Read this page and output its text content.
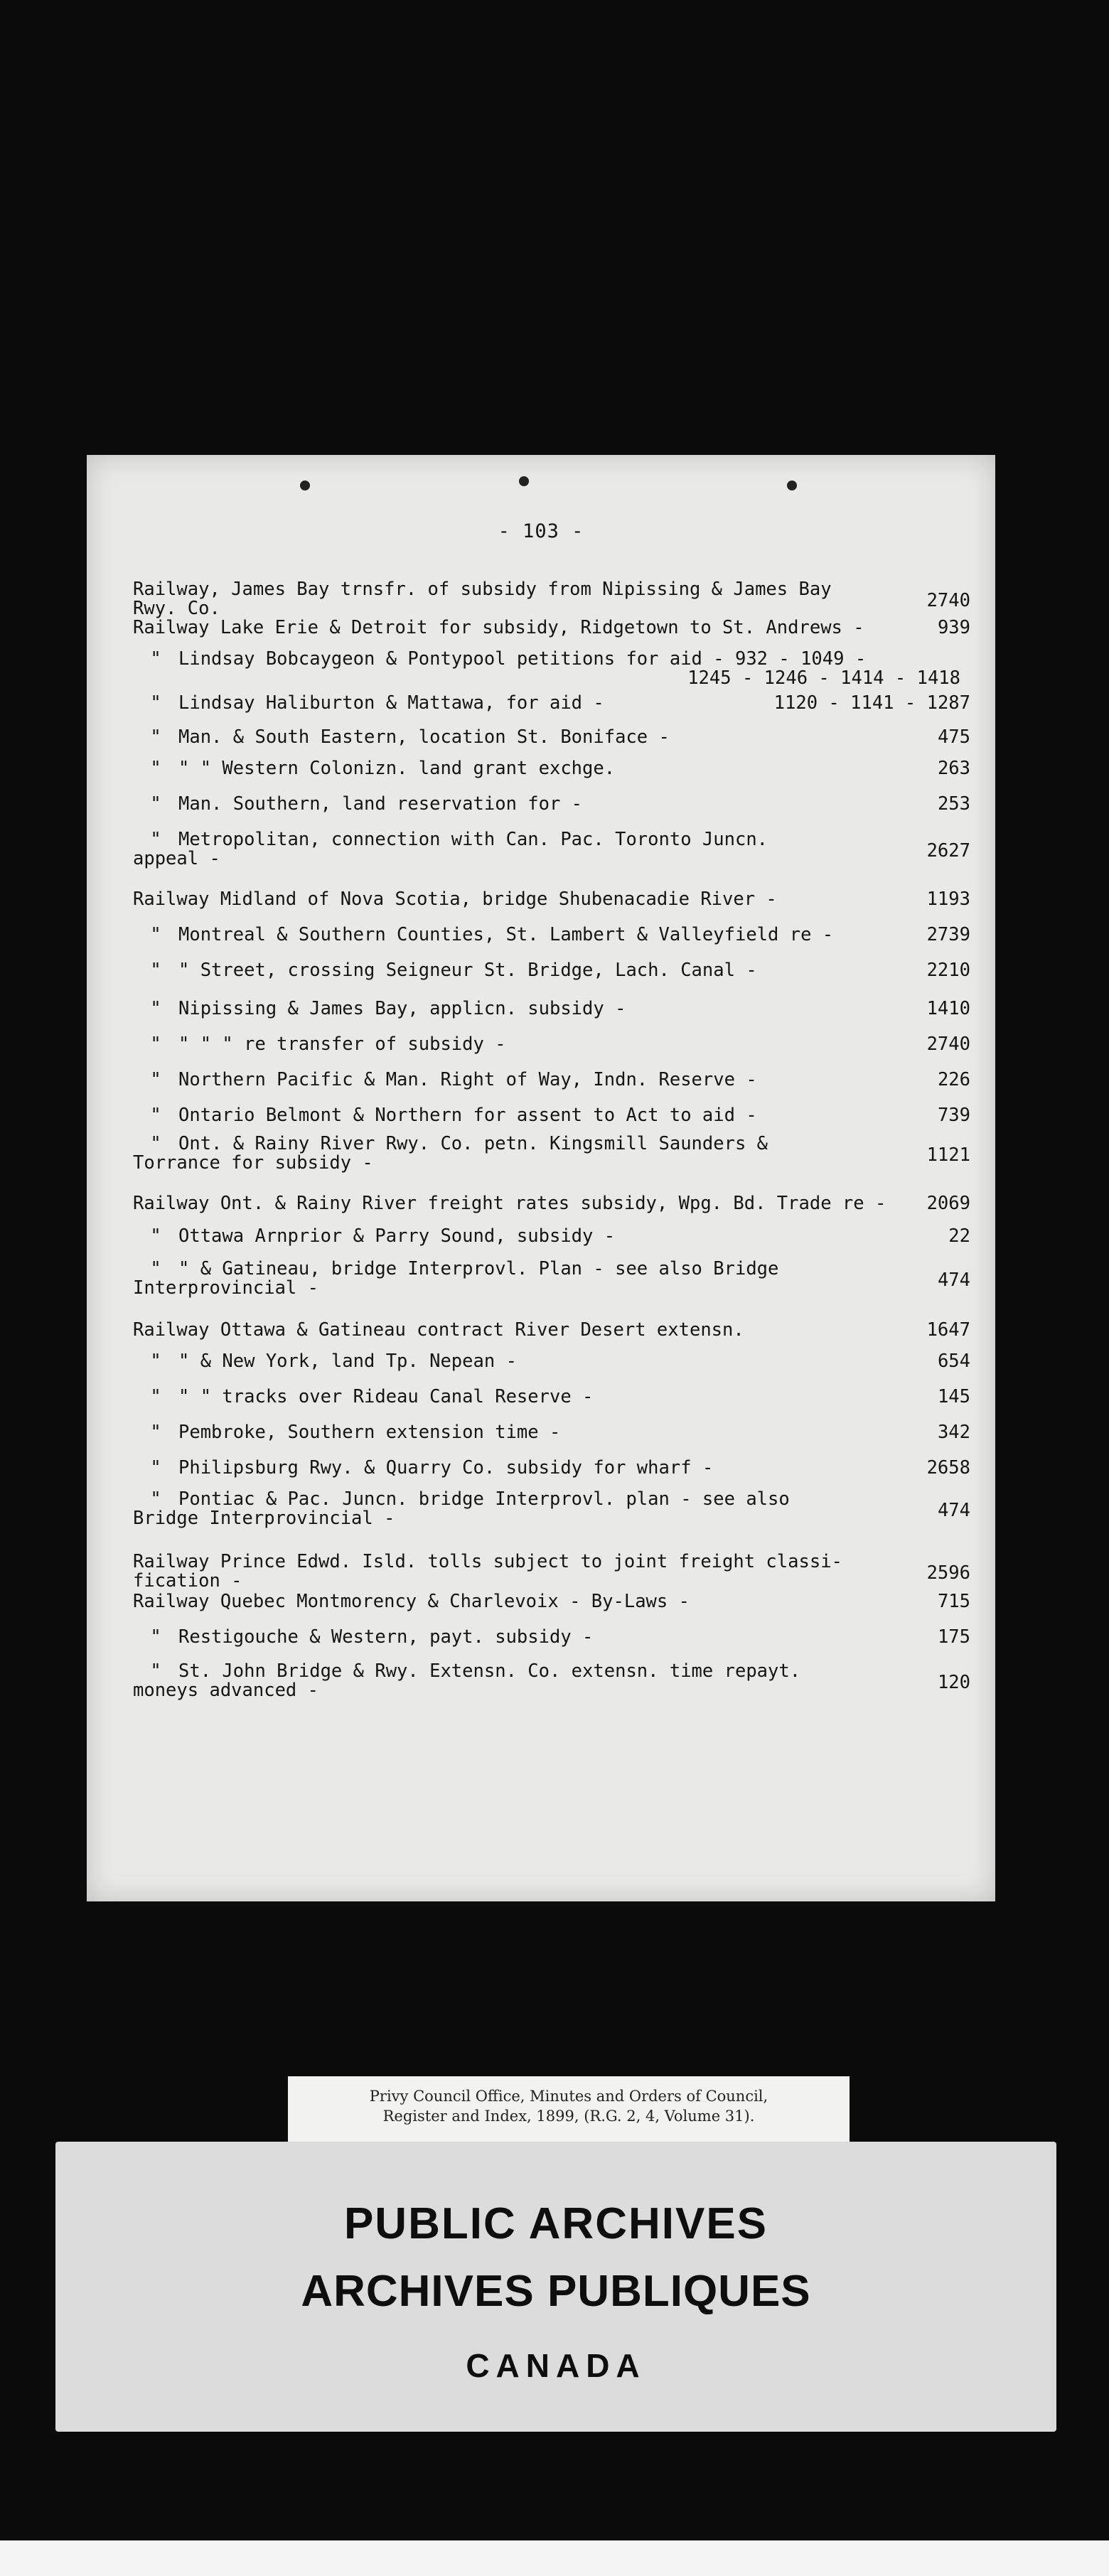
- 103 -
Railway, James Bay trnsfr. of subsidy from Nipissing & James Bay
Rwy. Co.	2740
Railway Lake Erie & Detroit for subsidy, Ridgetown to St. Andrews -	939
" Lindsay Bobcaygeon & Pontypool petitions for aid - 932 - 1049 -
1245 - 1246 - 1414 - 1418
" Lindsay Haliburton & Mattawa, for aid -	1120 - 1141 - 1287
" Man. & South Eastern, location St. Boniface -	475
" " " Western Colonizn. land grant exchge.	263
" Man. Southern, land reservation for -	253
" Metropolitan, connection with Can. Pac. Toronto Juncn.
appeal -	2627
Railway Midland of Nova Scotia, bridge Shubenacadie River -	1193
" Montreal & Southern Counties, St. Lambert & Valleyfield re -	2739
" " Street, crossing Seigneur St. Bridge, Lach. Canal -	2210
" Nipissing & James Bay, applicn. subsidy -	1410
" " " " re transfer of subsidy -	2740
" Northern Pacific & Man. Right of Way, Indn. Reserve -	226
" Ontario Belmont & Northern for assent to Act to aid -	739
" Ont. & Rainy River Rwy. Co. petn. Kingsmill Saunders &
Torrance for subsidy -	1121
Railway Ont. & Rainy River freight rates subsidy, Wpg. Bd. Trade re -	2069
" Ottawa Arnprior & Parry Sound, subsidy -	22
" " & Gatineau, bridge Interprovl. Plan - see also Bridge
Interprovincial -	474
Railway Ottawa & Gatineau contract River Desert extensn.	1647
" " & New York, land Tp. Nepean -	654
" " " tracks over Rideau Canal Reserve -	145
" Pembroke, Southern extension time -	342
" Philipsburg Rwy. & Quarry Co. subsidy for wharf -	2658
" Pontiac & Pac. Juncn. bridge Interprovl. plan - see also
Bridge Interprovincial -	474
Railway Prince Edwd. Isld. tolls subject to joint freight classi-
fication -	2596
Railway Quebec Montmorency & Charlevoix - By-Laws -	715
" Restigouche & Western, payt. subsidy -	175
" St. John Bridge & Rwy. Extensn. Co. extensn. time repayt.
moneys advanced -	120
Privy Council Office, Minutes and Orders of Council,
Register and Index, 1899, (R.G. 2, 4, Volume 31).
PUBLIC ARCHIVES
ARCHIVES PUBLIQUES
CANADA
